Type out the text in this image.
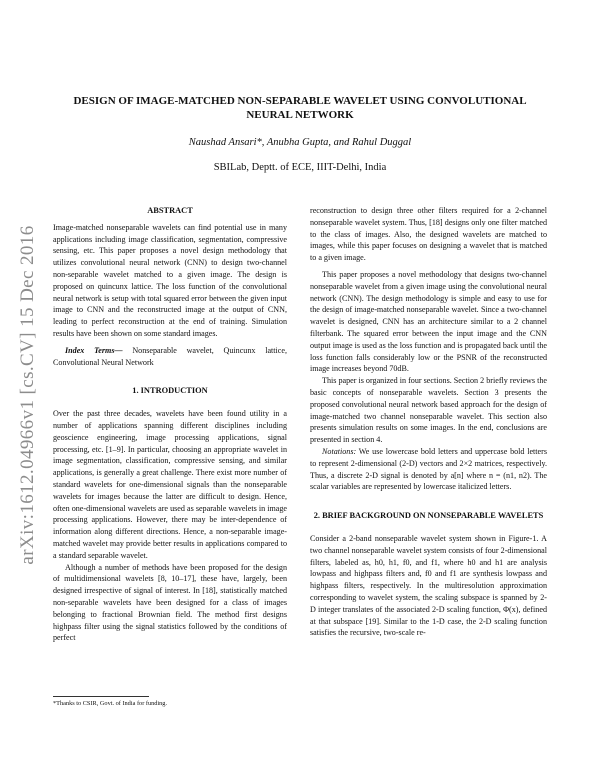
arXiv:1612.04966v1 [cs.CV] 15 Dec 2016
DESIGN OF IMAGE-MATCHED NON-SEPARABLE WAVELET USING CONVOLUTIONAL NEURAL NETWORK
Naushad Ansari*, Anubha Gupta, and Rahul Duggal
SBILab, Deptt. of ECE, IIIT-Delhi, India
ABSTRACT

Image-matched nonseparable wavelets can find potential use in many applications including image classification, segmentation, compressive sensing, etc. This paper proposes a novel design methodology that utilizes convolutional neural network (CNN) to design two-channel non-separable wavelet matched to a given image. The design is proposed on quincunx lattice. The loss function of the convolutional neural network is setup with total squared error between the given input image to CNN and the reconstructed image at the output of CNN, leading to perfect reconstruction at the end of training. Simulation results have been shown on some standard images.

Index Terms— Nonseparable wavelet, Quincunx lattice, Convolutional Neural Network

1. INTRODUCTION

Over the past three decades, wavelets have been found utility in a number of applications spanning different disciplines including geoscience engineering, image processing applications, signal processing, etc. [1–9]. In particular, choosing an appropriate wavelet in image segmentation, classification, compressive sensing, and similar applications, is generally a great challenge. There exist more number of standard wavelets for one-dimensional signals than the nonseparable wavelets for images because the latter are difficult to design. Hence, often one-dimensional wavelets are used as separable wavelets in image processing applications. However, there may be inter-dependence of information along different directions. Hence, a non-separable image-matched wavelet may provide better results in applications compared to a standard separable wavelet.

Although a number of methods have been proposed for the design of multidimensional wavelets [8, 10–17], these have, largely, been designed irrespective of signal of interest. In [18], statistically matched non-separable wavelets have been designed for a class of images belonging to fractional Brownian field. The method first designs highpass filter using the signal statistics followed by the conditions of perfect

reconstruction to design three other filters required for a 2-channel nonseparable wavelet system. Thus, [18] designs only one filter matched to the class of images. Also, the designed wavelets are matched to images, while this paper focuses on designing a wavelet that is matched to a given image.

This paper proposes a novel methodology that designs two-channel nonseparable wavelet from a given image using the convolutional neural network (CNN). The design methodology is simple and easy to use for the design of image-matched nonseparable wavelet. Since a two-channel wavelet is designed, CNN has an architecture similar to a 2 channel filterbank. The squared error between the input image and the CNN output image is used as the loss function and is propagated back until the loss function falls considerably low or the PSNR of the reconstructed image increases beyond 70dB.

This paper is organized in four sections. Section 2 briefly reviews the basic concepts of nonseparable wavelets. Section 3 presents the proposed convolutional neural network based approach for the design of image-matched two channel nonseparable wavelet. This section also presents simulation results on some images. In the end, conclusions are presented in section 4.

Notations: We use lowercase bold letters and uppercase bold letters to represent 2-dimensional (2-D) vectors and 2×2 matrices, respectively. Thus, a discrete 2-D signal is denoted by a[n] where n = (n1, n2). The scalar variables are represented by lowercase italicized letters.

2. BRIEF BACKGROUND ON NONSEPARABLE WAVELETS

Consider a 2-band nonseparable wavelet system shown in Figure-1. A two channel nonseparable wavelet system consists of four 2-dimensional filters, labeled as, h0, h1, f0, and f1, where h0 and h1 are analysis lowpass and highpass filters and, f0 and f1 are synthesis lowpass and highpass filters, respectively. In the multiresolution approximation corresponding to wavelet system, the scaling subspace is spanned by 2-D integer translates of the associated 2-D scaling function, Φ(x), defined at that subspace [19]. Similar to the 1-D case, the 2-D scaling function satisfies the recursive, two-scale re-

*Thanks to CSIR, Govt. of India for funding.
